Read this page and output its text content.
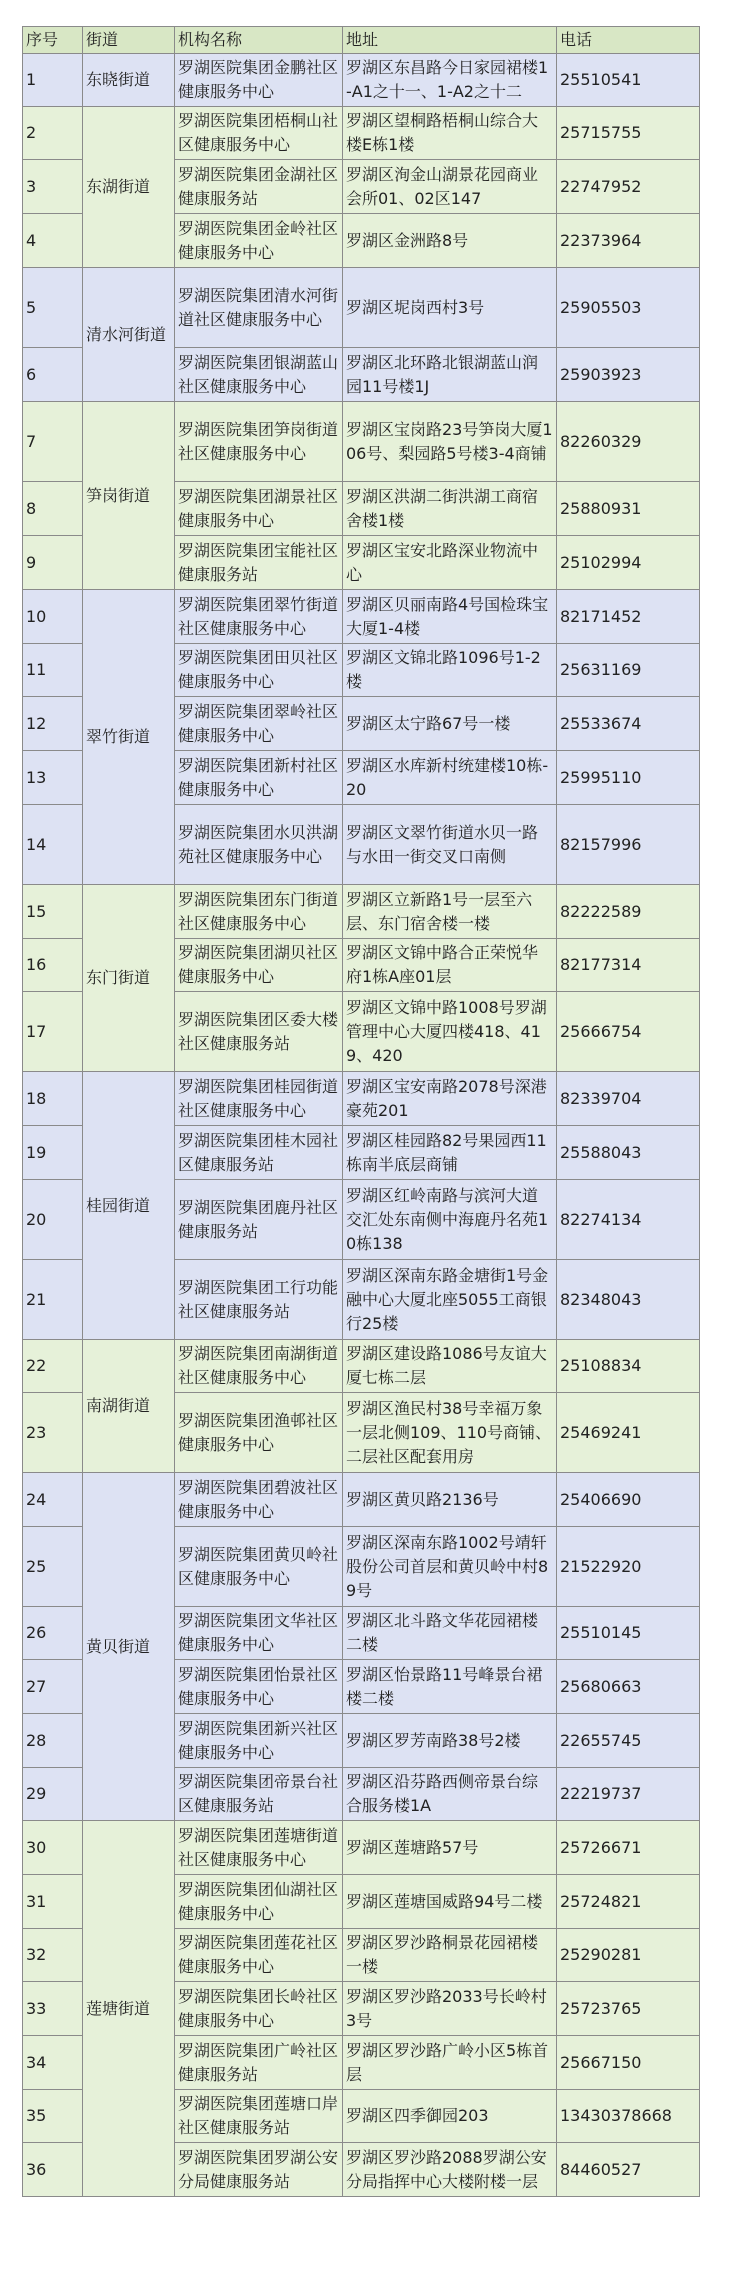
序号	街道	机构名称	地址	电话
1	东晓街道	罗湖医院集团金鹏社区健康服务中心	罗湖区东昌路今日家园裙楼1-A1之十一、1-A2之十二	25510541
2	东湖街道	罗湖医院集团梧桐山社区健康服务中心	罗湖区望桐路梧桐山综合大楼E栋1楼	25715755
3		罗湖医院集团金湖社区健康服务站	罗湖区洵金山湖景花园商业会所01、02区147	22747952
4		罗湖医院集团金岭社区健康服务中心	罗湖区金洲路8号	22373964
5	清水河街道	罗湖医院集团清水河街道社区健康服务中心	罗湖区坭岗西村3号	25905503
6		罗湖医院集团银湖蓝山社区健康服务中心	罗湖区北环路北银湖蓝山润园11号楼1J	25903923
7	笋岗街道	罗湖医院集团笋岗街道社区健康服务中心	罗湖区宝岗路23号笋岗大厦106号、梨园路5号楼3-4商铺	82260329
8		罗湖医院集团湖景社区健康服务中心	罗湖区洪湖二街洪湖工商宿舍楼1楼	25880931
9		罗湖医院集团宝能社区健康服务站	罗湖区宝安北路深业物流中心	25102994
10	翠竹街道	罗湖医院集团翠竹街道社区健康服务中心	罗湖区贝丽南路4号国检珠宝大厦1-4楼	82171452
11		罗湖医院集团田贝社区健康服务中心	罗湖区文锦北路1096号1-2楼	25631169
12		罗湖医院集团翠岭社区健康服务中心	罗湖区太宁路67号一楼	25533674
13		罗湖医院集团新村社区健康服务中心	罗湖区水库新村统建楼10栋-20	25995110
14		罗湖医院集团水贝洪湖苑社区健康服务中心	罗湖区文翠竹街道水贝一路与水田一街交叉口南侧	82157996
15	东门街道	罗湖医院集团东门街道社区健康服务中心	罗湖区立新路1号一层至六层、东门宿舍楼一楼	82222589
16		罗湖医院集团湖贝社区健康服务中心	罗湖区文锦中路合正荣悦华府1栋A座01层	82177314
17		罗湖医院集团区委大楼社区健康服务站	罗湖区文锦中路1008号罗湖管理中心大厦四楼418、419、420	25666754
18	桂园街道	罗湖医院集团桂园街道社区健康服务中心	罗湖区宝安南路2078号深港豪苑201	82339704
19		罗湖医院集团桂木园社区健康服务站	罗湖区桂园路82号果园西11栋南半底层商铺	25588043
20		罗湖医院集团鹿丹社区健康服务站	罗湖区红岭南路与滨河大道交汇处东南侧中海鹿丹名苑10栋138	82274134
21		罗湖医院集团工行功能社区健康服务站	罗湖区深南东路金塘街1号金融中心大厦北座5055工商银行25楼	82348043
22	南湖街道	罗湖医院集团南湖街道社区健康服务中心	罗湖区建设路1086号友谊大厦七栋二层	25108834
23		罗湖医院集团渔邨社区健康服务中心	罗湖区渔民村38号幸福万象一层北侧109、110号商铺、二层社区配套用房	25469241
24	黄贝街道	罗湖医院集团碧波社区健康服务中心	罗湖区黄贝路2136号	25406690
25		罗湖医院集团黄贝岭社区健康服务中心	罗湖区深南东路1002号靖轩股份公司首层和黄贝岭中村89号	21522920
26		罗湖医院集团文华社区健康服务中心	罗湖区北斗路文华花园裙楼二楼	25510145
27		罗湖医院集团怡景社区健康服务中心	罗湖区怡景路11号峰景台裙楼二楼	25680663
28		罗湖医院集团新兴社区健康服务中心	罗湖区罗芳南路38号2楼	22655745
29		罗湖医院集团帝景台社区健康服务站	罗湖区沿芬路西侧帝景台综合服务楼1A	22219737
30	莲塘街道	罗湖医院集团莲塘街道社区健康服务中心	罗湖区莲塘路57号	25726671
31		罗湖医院集团仙湖社区健康服务中心	罗湖区莲塘国威路94号二楼	25724821
32		罗湖医院集团莲花社区健康服务中心	罗湖区罗沙路桐景花园裙楼一楼	25290281
33		罗湖医院集团长岭社区健康服务中心	罗湖区罗沙路2033号长岭村3号	25723765
34		罗湖医院集团广岭社区健康服务站	罗湖区罗沙路广岭小区5栋首层	25667150
35		罗湖医院集团莲塘口岸社区健康服务站	罗湖区四季御园203	13430378668
36		罗湖医院集团罗湖公安分局健康服务站	罗湖区罗沙路2088罗湖公安分局指挥中心大楼附楼一层	84460527
